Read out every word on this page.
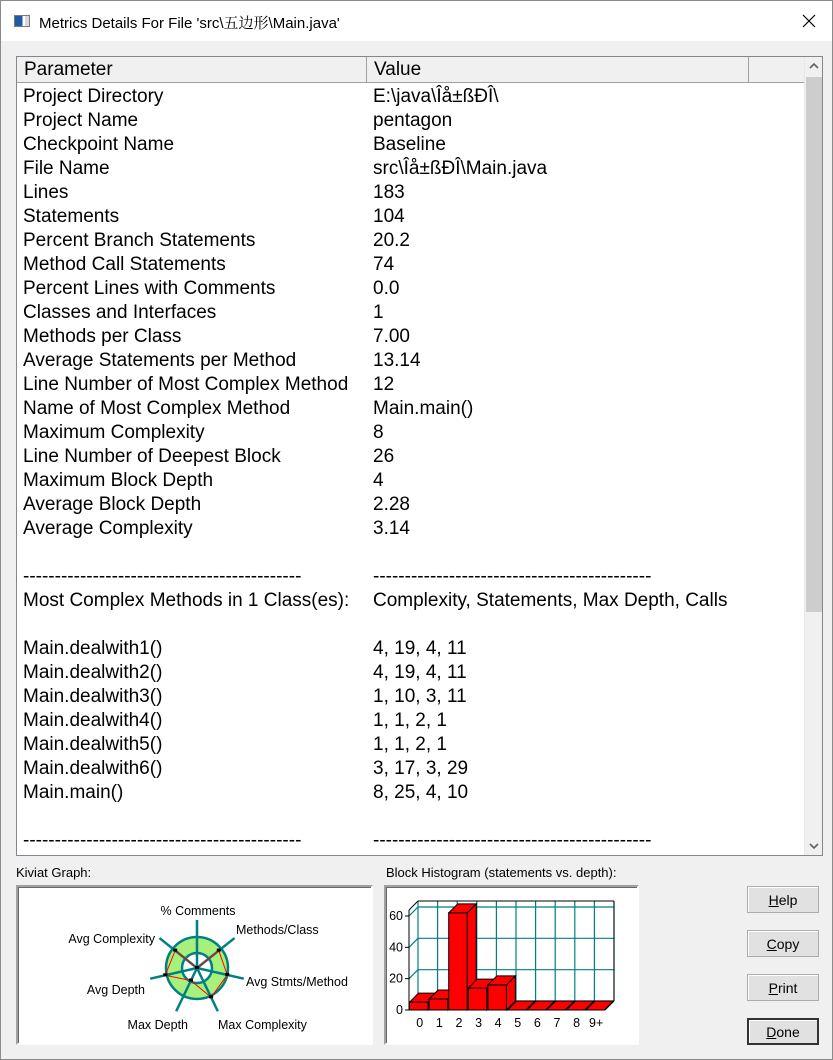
Metrics Details For File 'src\五边形\Main.java'
Parameter	Value
Project Directory	E:\java\Îå±ßÐÎ\
Project Name	pentagon
Checkpoint Name	Baseline
File Name	src\Îå±ßÐÎ\Main.java
Lines	183
Statements	104
Percent Branch Statements	20.2
Method Call Statements	74
Percent Lines with Comments	0.0
Classes and Interfaces	1
Methods per Class	7.00
Average Statements per Method	13.14
Line Number of Most Complex Method 12
Name of Most Complex Method	Main.main()
Maximum Complexity	8
Line Number of Deepest Block	26
Maximum Block Depth	4
Average Block Depth	2.28
Average Complexity	3.14
--------------------------------------------	--------------------------------------------
Most Complex Methods in 1 Class(es): Complexity, Statements, Max Depth, Calls
Main.dealwith1()	4, 19, 4, 11
Main.dealwith2()	4, 19, 4, 11
Main.dealwith3()	1, 10, 3, 11
Main.dealwith4()	1, 1, 2, 1
Main.dealwith5()	1, 1, 2, 1
Main.dealwith6()	3, 17, 3, 29
Main.main()	8, 25, 4, 10
--------------------------------------------	--------------------------------------------
Kiviat Graph:
% Comments
Methods/Class
Avg Stmts/Method
Max Complexity
Max Depth
Avg Depth
Avg Complexity
Block Histogram (statements vs. depth):
0
20
40
60
0 1 2 3 4 5 6 7 8 9+
H elp
C opy
P rint
D one
